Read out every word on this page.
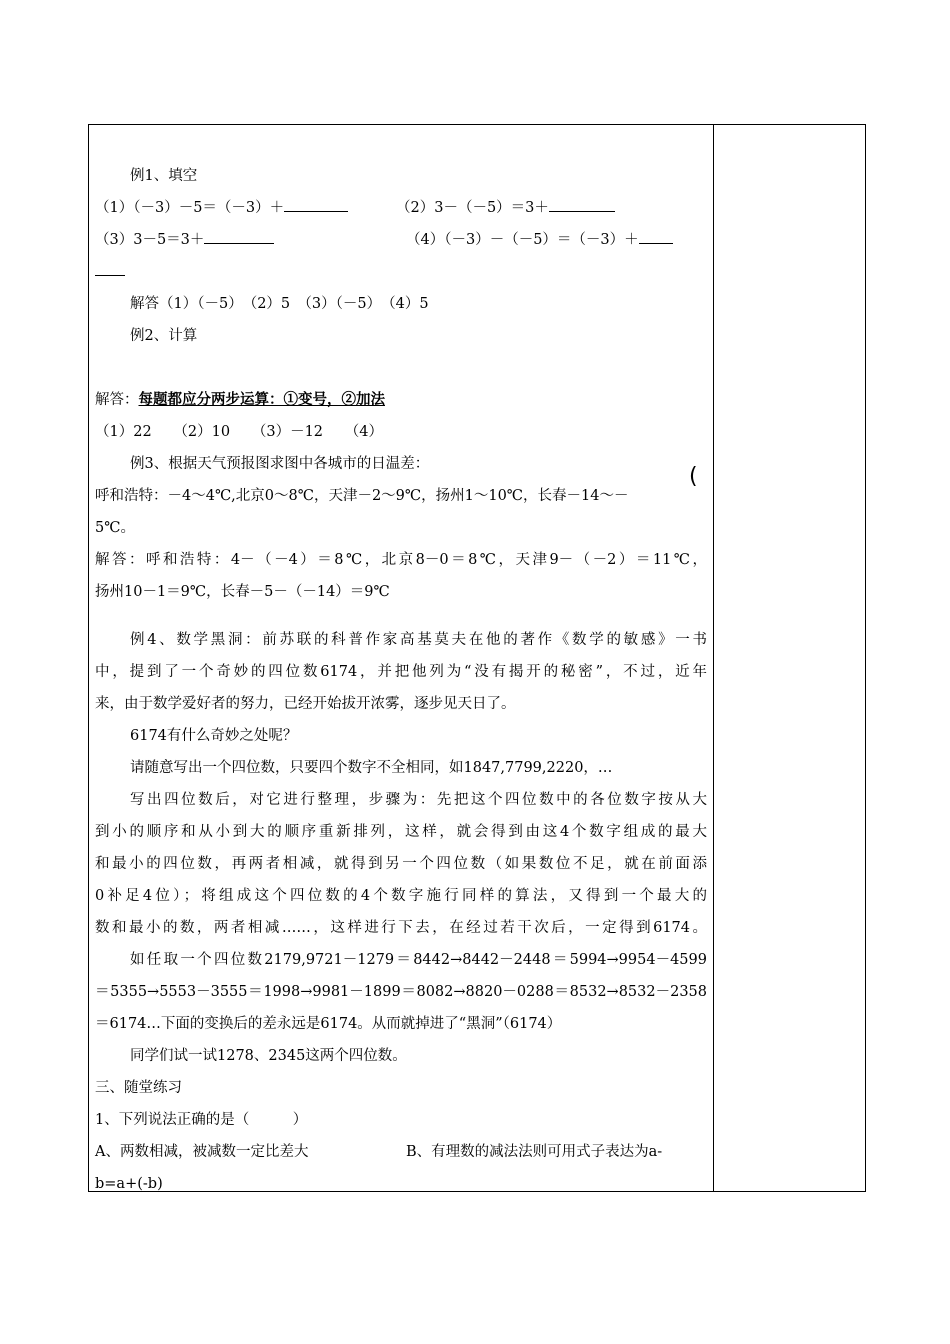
(
例1、填空
（1）（－3）－5＝（－3）＋	（2）3－（－5）＝3＋
（3）3－5＝3＋	（4）（－3）－（－5）＝（－3）＋
解答（1）（－5）　（2）5　（3）（－5）　（4）5
例2、计算
解答：每题都应分两步运算：①变号，②加法
（1）22　　（2）10　　（3）－12　　（4）
例3、根据天气预报图求图中各城市的日温差：
呼和浩特：－4～4℃,北京0～8℃，天津－2～9℃，扬州1～10℃，长春－14～－
5℃。
解答：呼和浩特：4－（－4）＝8℃，北京8－0＝8℃，天津9－（－2）＝11℃，
扬州10－1＝9℃，长春－5－（－14）＝9℃
例4、数学黑洞：前苏联的科普作家高基莫夫在他的著作《数学的敏感》一书
中，提到了一个奇妙的四位数6174，并把他列为“没有揭开的秘密”，不过，近年
来，由于数学爱好者的努力，已经开始拔开浓雾，逐步见天日了。
6174有什么奇妙之处呢？
请随意写出一个四位数，只要四个数字不全相同，如1847,7799,2220，…
写出四位数后，对它进行整理，步骤为：先把这个四位数中的各位数字按从大
到小的顺序和从小到大的顺序重新排列，这样，就会得到由这4个数字组成的最大
和最小的四位数，再两者相减，就得到另一个四位数（如果数位不足，就在前面添
0补足4位）；将组成这个四位数的4个数字施行同样的算法，又得到一个最大的
数和最小的数，两者相减……，这样进行下去，在经过若干次后，一定得到6174。
如任取一个四位数2179,9721－1279＝8442→8442－2448＝5994→9954－4599
＝5355→5553－3555＝1998→9981－1899＝8082→8820－0288＝8532→8532－2358
＝6174…下面的变换后的差永远是6174。从而就掉进了“黑洞”（6174）
同学们试一试1278、2345这两个四位数。
三、随堂练习
1、下列说法正确的是（　　　）
A、两数相减，被减数一定比差大	B、有理数的减法法则可用式子表达为a-
b=a+(-b)
